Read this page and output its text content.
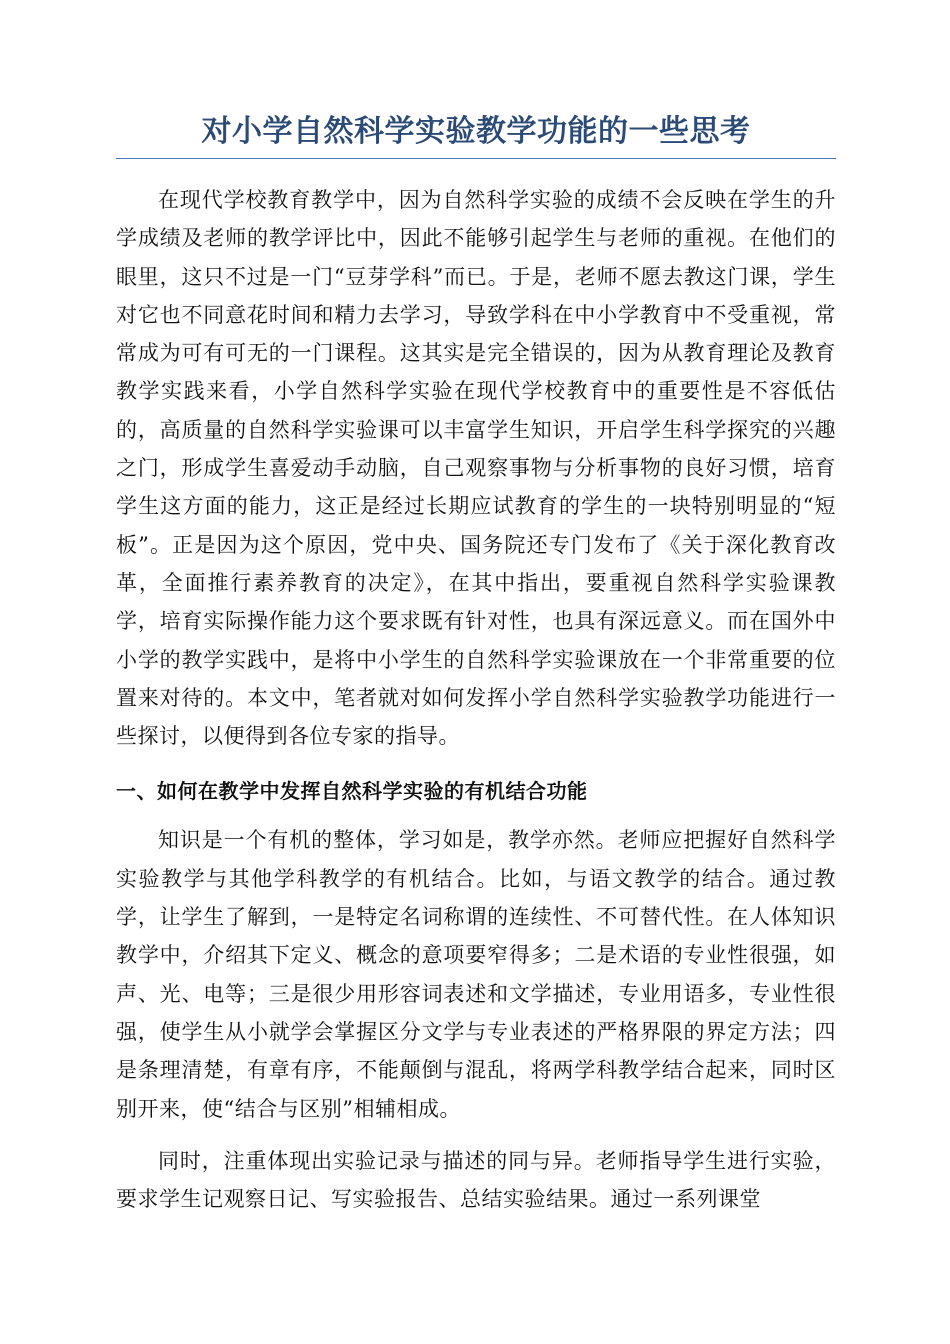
对小学自然科学实验教学功能的一些思考

在现代学校教育教学中，因为自然科学实验的成绩不会反映在学生的升学成绩及老师的教学评比中，因此不能够引起学生与老师的重视。在他们的眼里，这只不过是一门“豆芽学科”而已。于是，老师不愿去教这门课，学生对它也不同意花时间和精力去学习，导致学科在中小学教育中不受重视，常常成为可有可无的一门课程。这其实是完全错误的，因为从教育理论及教育教学实践来看，小学自然科学实验在现代学校教育中的重要性是不容低估的，高质量的自然科学实验课可以丰富学生知识，开启学生科学探究的兴趣之门，形成学生喜爱动手动脑，自己观察事物与分析事物的良好习惯，培育学生这方面的能力，这正是经过长期应试教育的学生的一块特别明显的“短板”。正是因为这个原因，党中央、国务院还专门发布了《关于深化教育改革，全面推行素养教育的决定》，在其中指出，要重视自然科学实验课教学，培育实际操作能力这个要求既有针对性，也具有深远意义。而在国外中小学的教学实践中，是将中小学生的自然科学实验课放在一个非常重要的位置来对待的。本文中，笔者就对如何发挥小学自然科学实验教学功能进行一些探讨，以便得到各位专家的指导。

一、如何在教学中发挥自然科学实验的有机结合功能

知识是一个有机的整体，学习如是，教学亦然。老师应把握好自然科学实验教学与其他学科教学的有机结合。比如，与语文教学的结合。通过教学，让学生了解到，一是特定名词称谓的连续性、不可替代性。在人体知识教学中，介绍其下定义、概念的意项要窄得多；二是术语的专业性很强，如声、光、电等；三是很少用形容词表述和文学描述，专业用语多，专业性很强，使学生从小就学会掌握区分文学与专业表述的严格界限的界定方法；四是条理清楚，有章有序，不能颠倒与混乱，将两学科教学结合起来，同时区别开来，使“结合与区别”相辅相成。

同时，注重体现出实验记录与描述的同与异。老师指导学生进行实验，要求学生记观察日记、写实验报告、总结实验结果。通过一系列课堂
